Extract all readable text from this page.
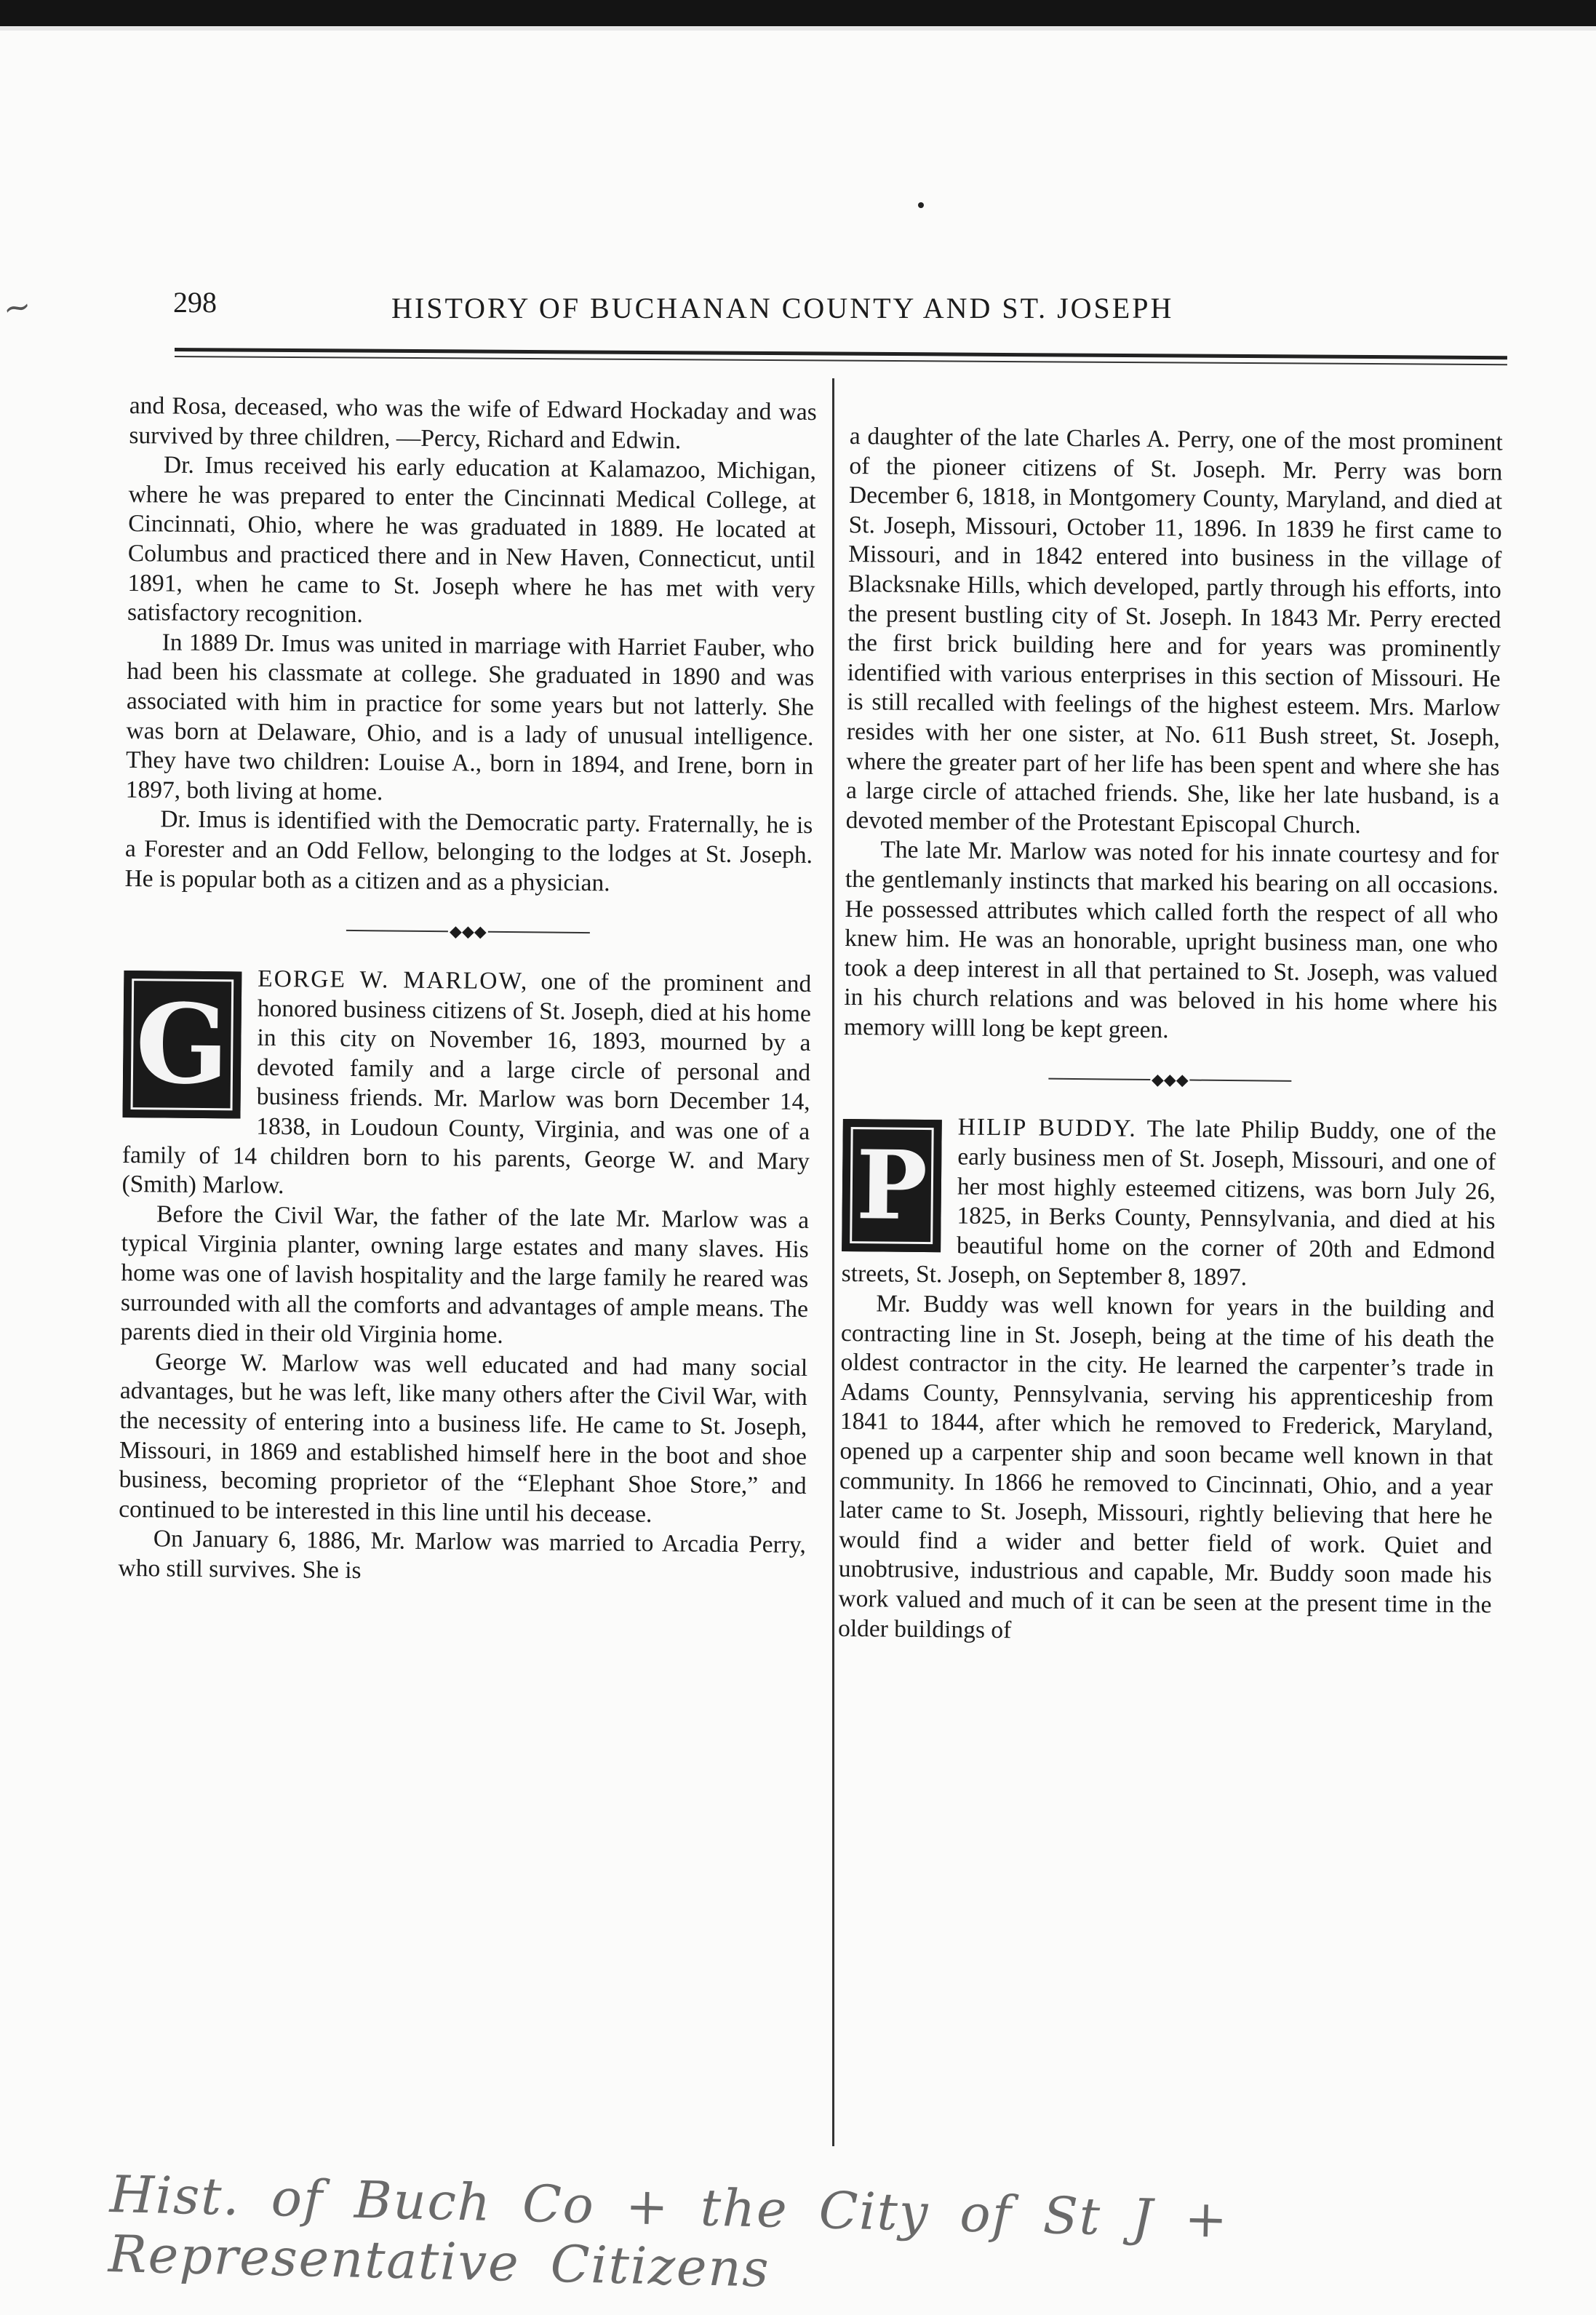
~	298	HISTORY OF BUCHANAN COUNTY AND ST. JOSEPH

and Rosa, deceased, who was the wife of Edward Hockaday and was survived by three children, —Percy, Richard and Edwin.

Dr. Imus received his early education at Kalamazoo, Michigan, where he was prepared to enter the Cincinnati Medical College, at Cincinnati, Ohio, where he was graduated in 1889. He located at Columbus and practiced there and in New Haven, Connecticut, until 1891, when he came to St. Joseph where he has met with very satisfactory recognition.

In 1889 Dr. Imus was united in marriage with Harriet Fauber, who had been his classmate at college. She graduated in 1890 and was associated with him in practice for some years but not latterly. She was born at Delaware, Ohio, and is a lady of unusual intelligence. They have two children: Louise A., born in 1894, and Irene, born in 1897, both living at home.

Dr. Imus is identified with the Democratic party. Fraternally, he is a Forester and an Odd Fellow, belonging to the lodges at St. Joseph. He is popular both as a citizen and as a physician.

◆◆◆

G
EORGE W. MARLOW, one of the prominent and honored business citizens of St. Joseph, died at his home in this city on November 16, 1893, mourned by a devoted family and a large circle of personal and business friends. Mr. Marlow was born December 14, 1838, in Loudoun County, Virginia, and was one of a family of 14 children born to his parents, George W. and Mary (Smith) Marlow.

Before the Civil War, the father of the late Mr. Marlow was a typical Virginia planter, owning large estates and many slaves. His home was one of lavish hospitality and the large family he reared was surrounded with all the comforts and advantages of ample means. The parents died in their old Virginia home.

George W. Marlow was well educated and had many social advantages, but he was left, like many others after the Civil War, with the necessity of entering into a business life. He came to St. Joseph, Missouri, in 1869 and established himself here in the boot and shoe business, becoming proprietor of the “Elephant Shoe Store,” and continued to be interested in this line until his decease.

On January 6, 1886, Mr. Marlow was married to Arcadia Perry, who still survives. She is

a daughter of the late Charles A. Perry, one of the most prominent of the pioneer citizens of St. Joseph. Mr. Perry was born December 6, 1818, in Montgomery County, Maryland, and died at St. Joseph, Missouri, October 11, 1896. In 1839 he first came to Missouri, and in 1842 entered into business in the village of Blacksnake Hills, which developed, partly through his efforts, into the present bustling city of St. Joseph. In 1843 Mr. Perry erected the first brick building here and for years was prominently identified with various enterprises in this section of Missouri. He is still recalled with feelings of the highest esteem. Mrs. Marlow resides with her one sister, at No. 611 Bush street, St. Joseph, where the greater part of her life has been spent and where she has a large circle of attached friends. She, like her late husband, is a devoted member of the Protestant Episcopal Church.

The late Mr. Marlow was noted for his innate courtesy and for the gentlemanly instincts that marked his bearing on all occasions. He possessed attributes which called forth the respect of all who knew him. He was an honorable, upright business man, one who took a deep interest in all that pertained to St. Joseph, was valued in his church relations and was beloved in his home where his memory willl long be kept green.

◆◆◆

P
HILIP BUDDY. The late Philip Buddy, one of the early business men of St. Joseph, Missouri, and one of her most highly esteemed citizens, was born July 26, 1825, in Berks County, Pennsylvania, and died at his beautiful home on the corner of 20th and Edmond streets, St. Joseph, on September 8, 1897.

Mr. Buddy was well known for years in the building and contracting line in St. Joseph, being at the time of his death the oldest contractor in the city. He learned the carpenter’s trade in Adams County, Pennsylvania, serving his apprenticeship from 1841 to 1844, after which he removed to Frederick, Maryland, opened up a carpenter ship and soon became well known in that community. In 1866 he removed to Cincinnati, Ohio, and a year later came to St. Joseph, Missouri, rightly believing that here he would find a wider and better field of work. Quiet and unobtrusive, industrious and capable, Mr. Buddy soon made his work valued and much of it can be seen at the present time in the older buildings of

Hist. of Buch Co + the City of St J + Representative Citizens
